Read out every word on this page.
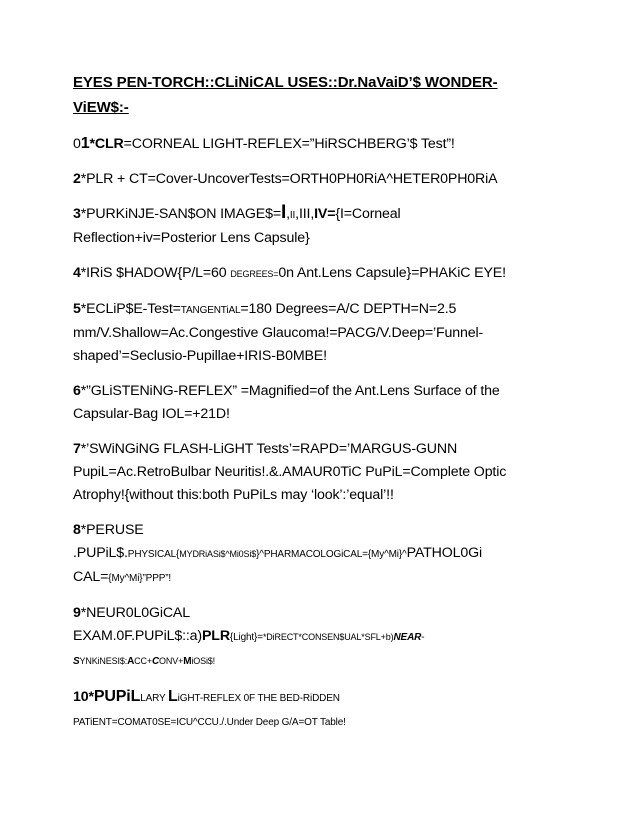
EYES PEN-TORCH::CLiNiCAL USES::Dr.NaVaiD’$ WONDER-
ViEW$:-
01*CLR=CORNEAL LIGHT-REFLEX=”HiRSCHBERG’$ Test”!
2*PLR + CT=Cover-UncoverTests=ORTH0PH0RiA^HETER0PH0RiA
3*PURKiNJE-SAN$ON IMAGE$=I,II,III,IV={I=Corneal
Reflection+iv=Posterior Lens Capsule}
4*IRiS $HADOW{P/L=60 DEGREES=0n Ant.Lens Capsule}=PHAKiC EYE!
5*ECLiP$E-Test=TANGENTiAL=180 Degrees=A/C DEPTH=N=2.5
mm/V.Shallow=Ac.Congestive Glaucoma!=PACG/V.Deep=’Funnel-
shaped’=Seclusio-Pupillae+IRIS-B0MBE!
6*”GLiSTENiNG-REFLEX” =Magnified=of the Ant.Lens Surface of the
Capsular-Bag IOL=+21D!
7*’SWiNGiNG FLASH-LiGHT Tests’=RAPD=’MARGUS-GUNN
PupiL=Ac.RetroBulbar Neuritis!.&.AMAUR0TiC PuPiL=Complete Optic
Atrophy!{without this:both PuPiLs may ‘look’:’equal’!!
8*PERUSE
.PUPiL$.PHYSICAL{MYDRiASi$^Mi0Si$}^PHARMACOLOGiCAL={My^Mi}^PATHOL0Gi
CAL={My^Mi}”PPP”!
9*NEUR0L0GiCAL
EXAM.0F.PUPiL$::a)PLR{Light}=*DiRECT*CONSEN$UAL*SFL+b)NEAR-
SYNKiNESI$:ACC+CONV+MiOSi$!
10*PUPiLLARY LiGHT-REFLEX 0F THE BED-RiDDEN
PATiENT=COMAT0SE=ICU^CCU./.Under Deep G/A=OT Table!
